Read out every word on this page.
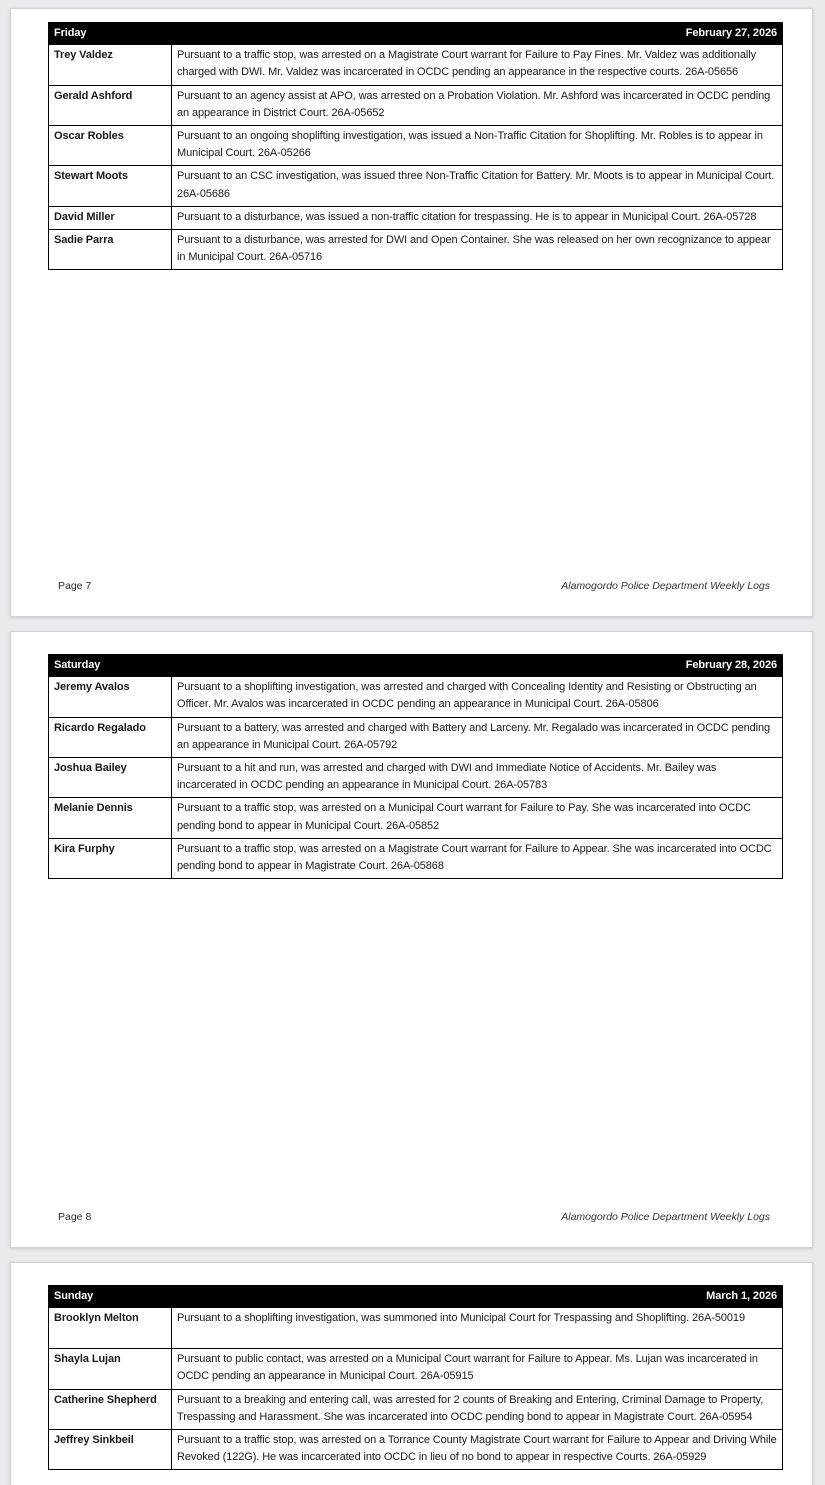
Friday	February 27, 2026
Trey Valdez	Pursuant to a traffic stop, was arrested on a Magistrate Court warrant for Failure to Pay Fines. Mr. Valdez was additionally charged with DWI. Mr. Valdez was incarcerated in OCDC pending an appearance in the respective courts. 26A-05656
Gerald Ashford	Pursuant to an agency assist at APO, was arrested on a Probation Violation. Mr. Ashford was incarcerated in OCDC pending an appearance in District Court. 26A-05652
Oscar Robles	Pursuant to an ongoing shoplifting investigation, was issued a Non-Traffic Citation for Shoplifting. Mr. Robles is to appear in Municipal Court. 26A-05266
Stewart Moots	Pursuant to an CSC investigation, was issued three Non-Traffic Citation for Battery. Mr. Moots is to appear in Municipal Court. 26A-05686
David Miller	Pursuant to a disturbance, was issued a non-traffic citation for trespassing. He is to appear in Municipal Court. 26A-05728
Sadie Parra	Pursuant to a disturbance, was arrested for DWI and Open Container. She was released on her own recognizance to appear in Municipal Court. 26A-05716
Page 7	Alamogordo Police Department Weekly Logs
Saturday	February 28, 2026
Jeremy Avalos	Pursuant to a shoplifting investigation, was arrested and charged with Concealing Identity and Resisting or Obstructing an Officer. Mr. Avalos was incarcerated in OCDC pending an appearance in Municipal Court. 26A-05806
Ricardo Regalado	Pursuant to a battery, was arrested and charged with Battery and Larceny. Mr. Regalado was incarcerated in OCDC pending an appearance in Municipal Court. 26A-05792
Joshua Bailey	Pursuant to a hit and run, was arrested and charged with DWI and Immediate Notice of Accidents. Mr. Bailey was incarcerated in OCDC pending an appearance in Municipal Court. 26A-05783
Melanie Dennis	Pursuant to a traffic stop, was arrested on a Municipal Court warrant for Failure to Pay. She was incarcerated into OCDC pending bond to appear in Municipal Court. 26A-05852
Kira Furphy	Pursuant to a traffic stop, was arrested on a Magistrate Court warrant for Failure to Appear. She was incarcerated into OCDC pending bond to appear in Magistrate Court. 26A-05868
Page 8	Alamogordo Police Department Weekly Logs
Sunday	March 1, 2026
Brooklyn Melton	Pursuant to a shoplifting investigation, was summoned into Municipal Court for Trespassing and Shoplifting. 26A-50019
Shayla Lujan	Pursuant to public contact, was arrested on a Municipal Court warrant for Failure to Appear. Ms. Lujan was incarcerated in OCDC pending an appearance in Municipal Court. 26A-05915
Catherine Shepherd	Pursuant to a breaking and entering call, was arrested for 2 counts of Breaking and Entering, Criminal Damage to Property, Trespassing and Harassment. She was incarcerated into OCDC pending bond to appear in Magistrate Court. 26A-05954
Jeffrey Sinkbeil	Pursuant to a traffic stop, was arrested on a Torrance County Magistrate Court warrant for Failure to Appear and Driving While Revoked (122G). He was incarcerated into OCDC in lieu of no bond to appear in respective Courts. 26A-05929
